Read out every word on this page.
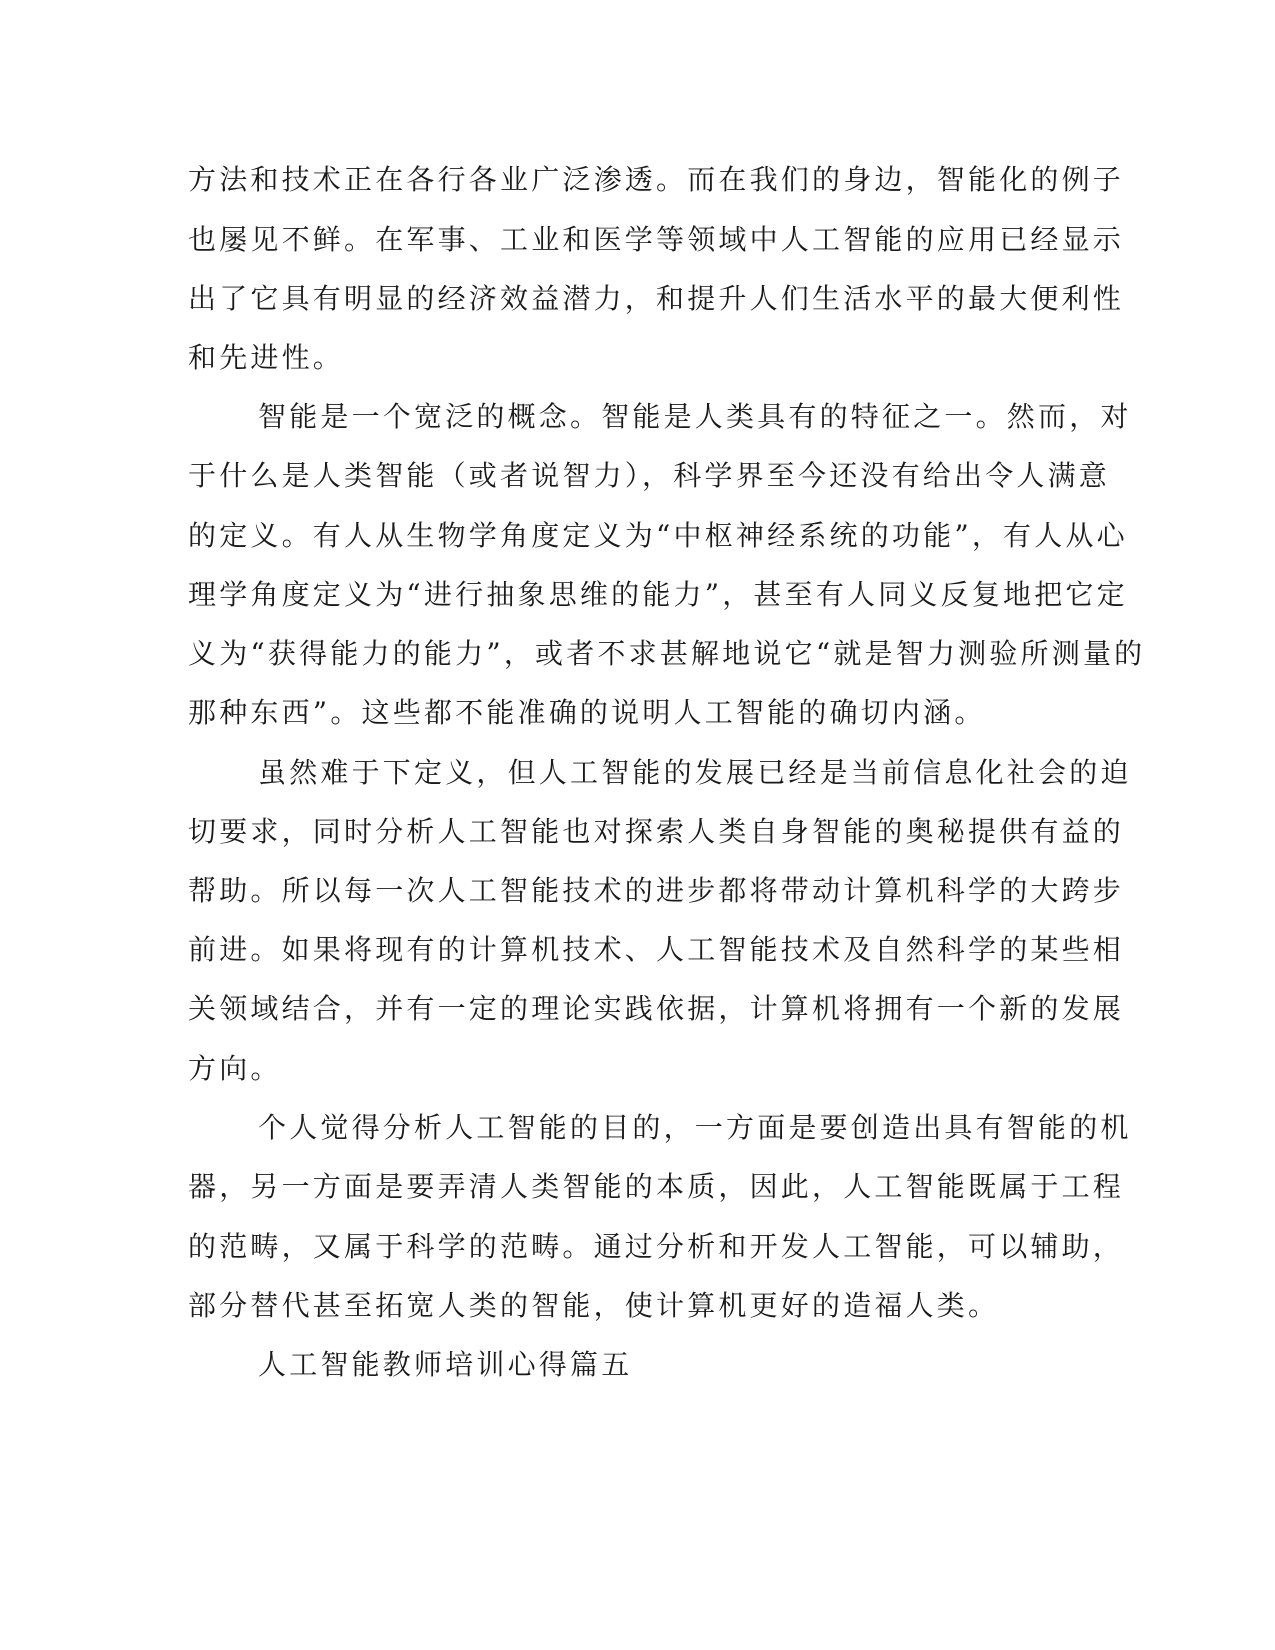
方法和技术正在各行各业广泛渗透。而在我们的身边，智能化的例子
也屡见不鲜。在军事、工业和医学等领域中人工智能的应用已经显示
出了它具有明显的经济效益潜力，和提升人们生活水平的最大便利性
和先进性。
智能是一个宽泛的概念。智能是人类具有的特征之一。然而，对
于什么是人类智能（或者说智力），科学界至今还没有给出令人满意
的定义。有人从生物学角度定义为“中枢神经系统的功能”，有人从心
理学角度定义为“进行抽象思维的能力”，甚至有人同义反复地把它定
义为“获得能力的能力”，或者不求甚解地说它“就是智力测验所测量的
那种东西”。这些都不能准确的说明人工智能的确切内涵。
虽然难于下定义，但人工智能的发展已经是当前信息化社会的迫
切要求，同时分析人工智能也对探索人类自身智能的奥秘提供有益的
帮助。所以每一次人工智能技术的进步都将带动计算机科学的大跨步
前进。如果将现有的计算机技术、人工智能技术及自然科学的某些相
关领域结合，并有一定的理论实践依据，计算机将拥有一个新的发展
方向。
个人觉得分析人工智能的目的，一方面是要创造出具有智能的机
器，另一方面是要弄清人类智能的本质，因此，人工智能既属于工程
的范畴，又属于科学的范畴。通过分析和开发人工智能，可以辅助，
部分替代甚至拓宽人类的智能，使计算机更好的造福人类。
人工智能教师培训心得篇五
